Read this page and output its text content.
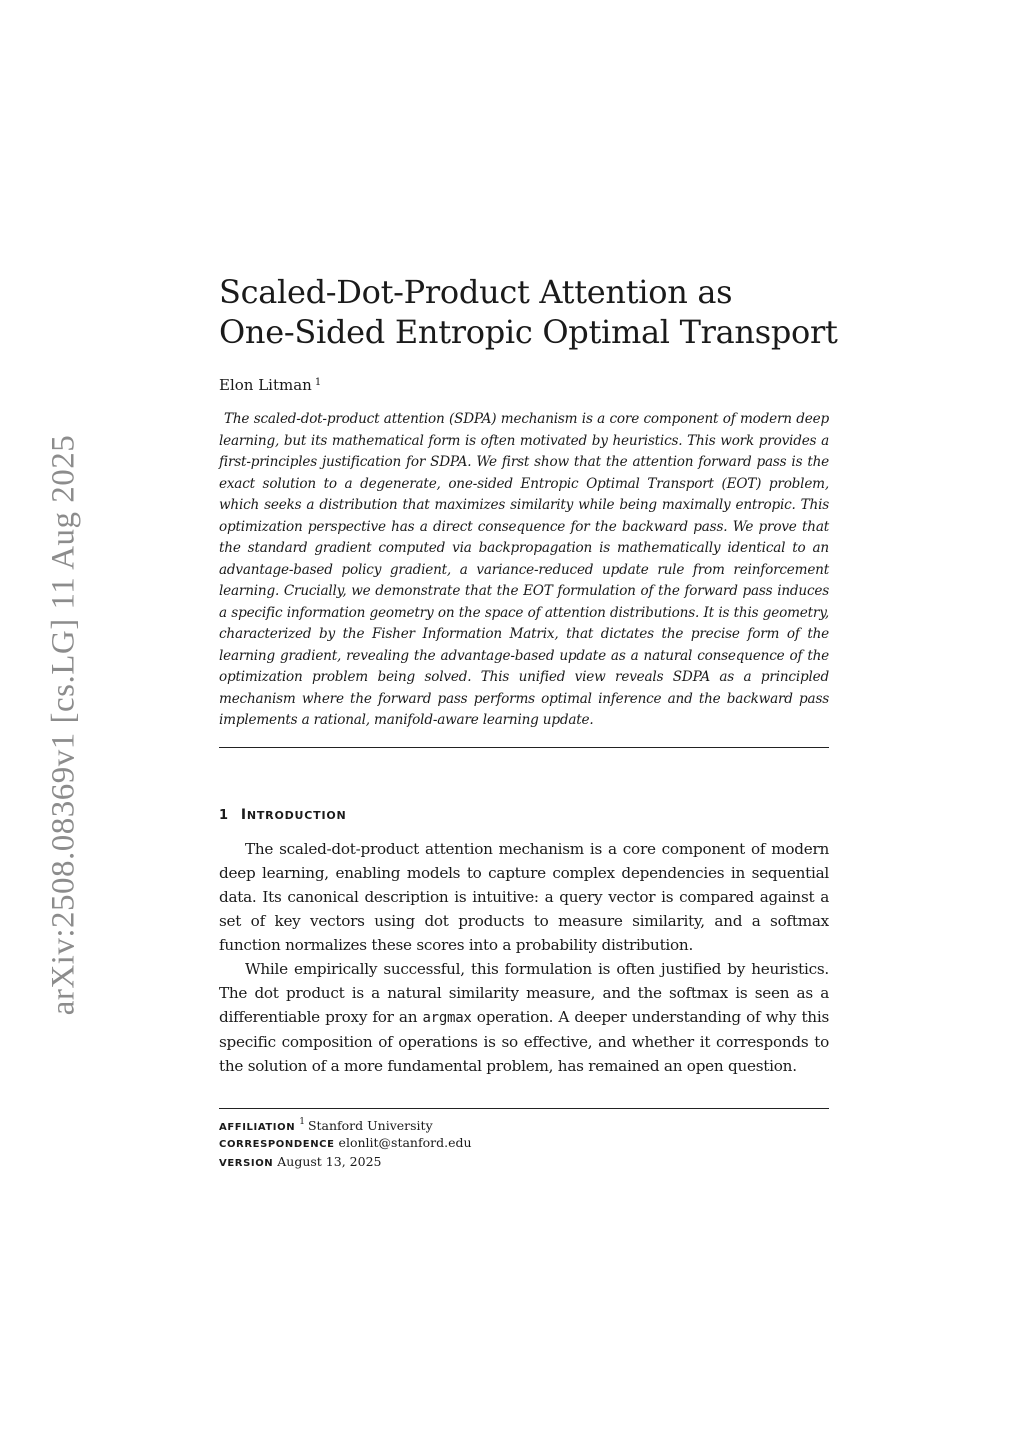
arXiv:2508.08369v1 [cs.LG] 11 Aug 2025
Scaled-Dot-Product Attention as
One-Sided Entropic Optimal Transport
Elon Litman $^1$

The scaled-dot-product attention (SDPA) mechanism is a core component of modern deep learning, but its mathematical form is often motivated by heuristics. This work provides a first-principles justification for SDPA. We first show that the attention forward pass is the exact solution to a degenerate, one-sided Entropic Optimal Transport (EOT) problem, which seeks a distribution that maximizes similarity while being maximally entropic. This optimization perspective has a direct consequence for the backward pass. We prove that the standard gradient computed via backpropagation is mathematically identical to an advantage-based policy gradient, a variance-reduced update rule from reinforcement learning. Crucially, we demonstrate that the EOT formulation of the forward pass induces a specific information geometry on the space of attention distributions. It is this geometry, characterized by the Fisher Information Matrix, that dictates the precise form of the learning gradient, revealing the advantage-based update as a natural consequence of the optimization problem being solved. This unified view reveals SDPA as a principled mechanism where the forward pass performs optimal inference and the backward pass implements a rational, manifold-aware learning update.

1 INTRODUCTION

The scaled-dot-product attention mechanism is a core component of modern deep learning, enabling models to capture complex dependencies in sequential data. Its canonical description is intuitive: a query vector is compared against a set of key vectors using dot products to measure similarity, and a softmax function normalizes these scores into a probability distribution.

While empirically successful, this formulation is often justified by heuristics. The dot product is a natural similarity measure, and the softmax is seen as a differentiable proxy for an argmax operation. A deeper understanding of why this specific composition of operations is so effective, and whether it corresponds to the solution of a more fundamental problem, has remained an open question.

AFFILIATION$^1$ Stanford University
CORRESPONDENCE elonlit@stanford.edu
VERSION August 13, 2025
